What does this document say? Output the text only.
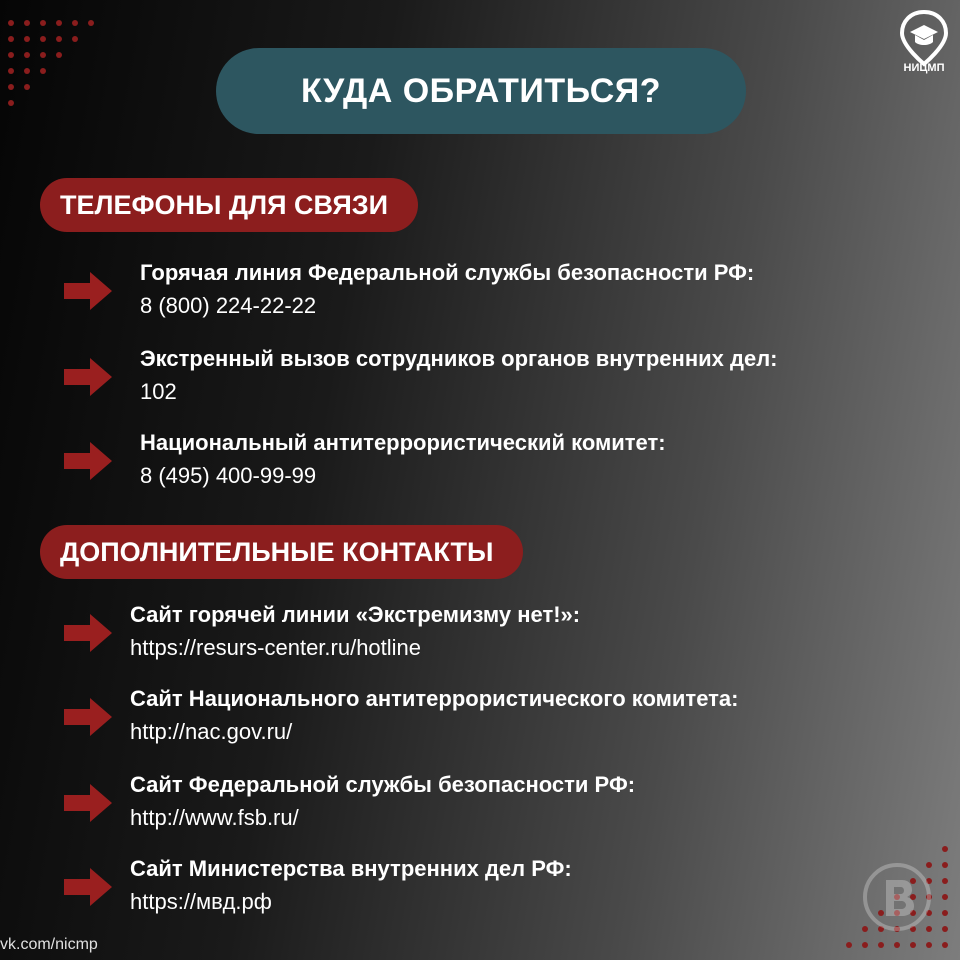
КУДА ОБРАТИТЬСЯ?
НИЦМП
ТЕЛЕФОНЫ ДЛЯ СВЯЗИ
Горячая линия Федеральной службы безопасности РФ:
8 (800) 224-22-22
Экстренный вызов сотрудников органов внутренних дел:
102
Национальный антитеррористический комитет:
8 (495) 400-99-99
ДОПОЛНИТЕЛЬНЫЕ КОНТАКТЫ
Сайт горячей линии «Экстремизму нет!»:
https://resurs-center.ru/hotline
Сайт Национального антитеррористического комитета:
http://nac.gov.ru/
Сайт Федеральной службы безопасности РФ:
http://www.fsb.ru/
Сайт Министерства внутренних дел РФ:
https://мвд.рф
vk.com/nicmp
